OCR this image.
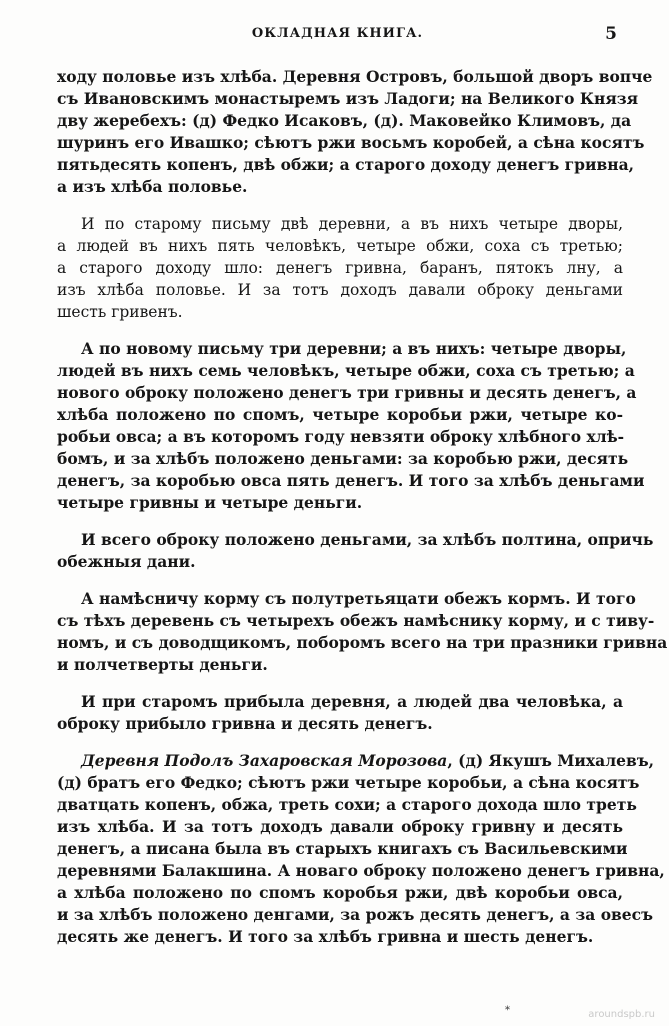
ОКЛАДНАЯ КНИГА.	5
ходу половье изъ хлѣба. Деревня Островъ, большой дворъ вопче
съ Ивановскимъ монастыремъ изъ Ладоги; на Великого Князя
дву жеребехъ: (д) Федко Исаковъ, (д). Маковейко Климовъ, да
шуринъ его Ивашко; сѣютъ ржи восьмъ коробей, а сѣна косятъ
пятьдесять копенъ, двѣ обжи; а старого доходу денегъ гривна,
а изъ хлѣба половье.
И по старому письму двѣ деревни, а въ нихъ четыре дворы,
а людей въ нихъ пять человѣкъ, четыре обжи, соха съ третью;
а старого доходу шло: денегъ гривна, баранъ, пятокъ лну, а
изъ хлѣба половье. И за тотъ доходъ давали оброку деньгами
шесть гривенъ.
А по новому письму три деревни; а въ нихъ: четыре дворы,
людей въ нихъ семь человѣкъ, четыре обжи, соха съ третью; а
нового оброку положено денегъ три гривны и десять денегъ, а
хлѣба положено по спомъ, четыре коробьи ржи, четыре ко-
робьи овса; а въ которомъ году невзяти оброку хлѣбного хлѣ-
бомъ, и за хлѣбъ положено деньгами: за коробью ржи, десять
денегъ, за коробью овса пять денегъ. И того за хлѣбъ деньгами
четыре гривны и четыре деньги.
И всего оброку положено деньгами, за хлѣбъ полтина, опричь
обежныя дани.
А намѣсничу корму съ полутретьяцати обежъ кормъ. И того
съ тѣхъ деревень съ четырехъ обежъ намѣснику корму, и с тиву-
номъ, и съ доводщикомъ, поборомъ всего на три празники гривна
и полчетверты деньги.
И при старомъ прибыла деревня, а людей два человѣка, а
оброку прибыло гривна и десять денегъ.
Деревня Подолъ Захаровская Морозова, (д) Якушъ Михалевъ,
(д) братъ его Федко; сѣютъ ржи четыре коробьи, а сѣна косятъ
дватцать копенъ, обжа, треть сохи; а старого дохода шло треть
изъ хлѣба. И за тотъ доходъ давали оброку гривну и десять
денегъ, а писана была въ старыхъ книгахъ съ Васильевскими
деревнями Балакшина. А новаго оброку положено денегъ гривна,
а хлѣба положено по спомъ коробья ржи, двѣ коробьи овса,
и за хлѣбъ положено денгами, за рожъ десять денегъ, а за овесъ
десять же денегъ. И того за хлѣбъ гривна и шесть денегъ.
*	aroundspb.ru
